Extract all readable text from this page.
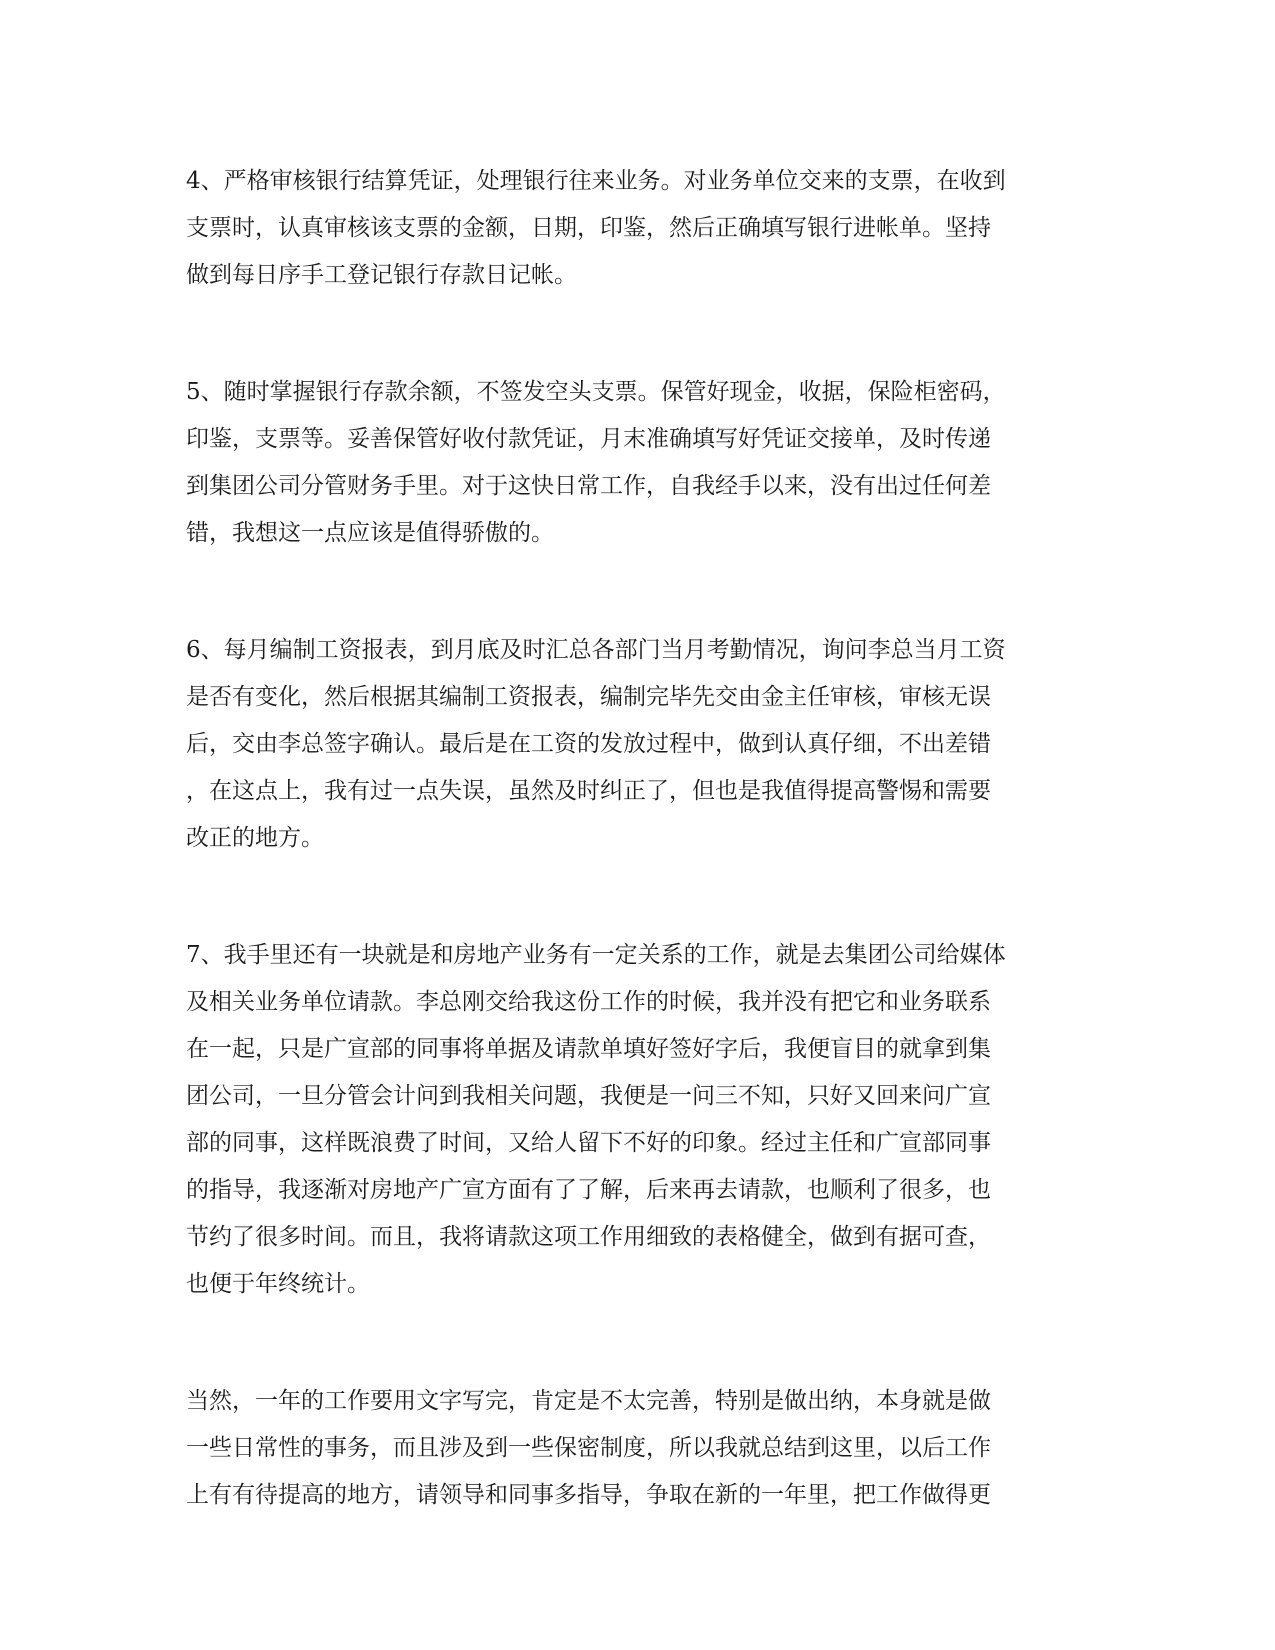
4、严格审核银行结算凭证，处理银行往来业务。对业务单位交来的支票，在收到
支票时，认真审核该支票的金额，日期，印鉴，然后正确填写银行进帐单。坚持
做到每日序手工登记银行存款日记帐。

5、随时掌握银行存款余额，不签发空头支票。保管好现金，收据，保险柜密码，
印鉴，支票等。妥善保管好收付款凭证，月末准确填写好凭证交接单，及时传递
到集团公司分管财务手里。对于这快日常工作，自我经手以来，没有出过任何差
错，我想这一点应该是值得骄傲的。

6、每月编制工资报表，到月底及时汇总各部门当月考勤情况，询问李总当月工资
是否有变化，然后根据其编制工资报表，编制完毕先交由金主任审核，审核无误
后，交由李总签字确认。最后是在工资的发放过程中，做到认真仔细，不出差错
，在这点上，我有过一点失误，虽然及时纠正了，但也是我值得提高警惕和需要
改正的地方。

7、我手里还有一块就是和房地产业务有一定关系的工作，就是去集团公司给媒体
及相关业务单位请款。李总刚交给我这份工作的时候，我并没有把它和业务联系
在一起，只是广宣部的同事将单据及请款单填好签好字后，我便盲目的就拿到集
团公司，一旦分管会计问到我相关问题，我便是一问三不知，只好又回来问广宣
部的同事，这样既浪费了时间，又给人留下不好的印象。经过主任和广宣部同事
的指导，我逐渐对房地产广宣方面有了了解，后来再去请款，也顺利了很多，也
节约了很多时间。而且，我将请款这项工作用细致的表格健全，做到有据可查，
也便于年终统计。

当然，一年的工作要用文字写完，肯定是不太完善，特别是做出纳，本身就是做
一些日常性的事务，而且涉及到一些保密制度，所以我就总结到这里，以后工作
上有有待提高的地方，请领导和同事多指导，争取在新的一年里，把工作做得更
